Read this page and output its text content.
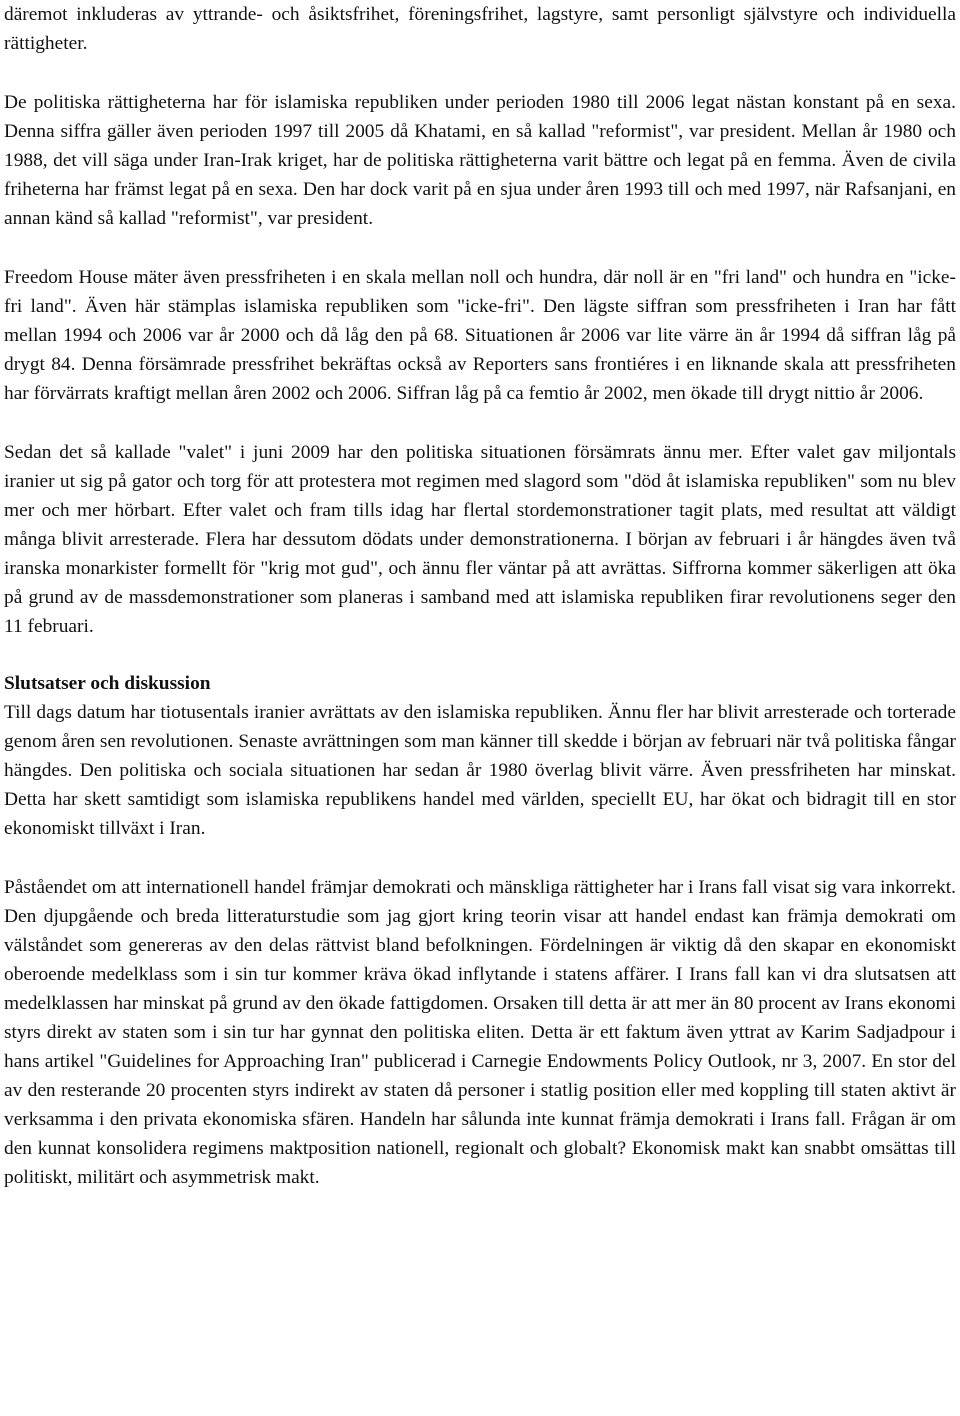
däremot inkluderas av yttrande- och åsiktsfrihet, föreningsfrihet, lagstyre, samt personligt självstyre och individuella rättigheter.

De politiska rättigheterna har för islamiska republiken under perioden 1980 till 2006 legat nästan konstant på en sexa. Denna siffra gäller även perioden 1997 till 2005 då Khatami, en så kallad "reformist", var president. Mellan år 1980 och 1988, det vill säga under Iran-Irak kriget, har de politiska rättigheterna varit bättre och legat på en femma. Även de civila friheterna har främst legat på en sexa. Den har dock varit på en sjua under åren 1993 till och med 1997, när Rafsanjani, en annan känd så kallad "reformist", var president.

Freedom House mäter även pressfriheten i en skala mellan noll och hundra, där noll är en "fri land" och hundra en "icke-fri land". Även här stämplas islamiska republiken som "icke-fri". Den lägste siffran som pressfriheten i Iran har fått mellan 1994 och 2006 var år 2000 och då låg den på 68. Situationen år 2006 var lite värre än år 1994 då siffran låg på drygt 84. Denna försämrade pressfrihet bekräftas också av Reporters sans frontiéres i en liknande skala att pressfriheten har förvärrats kraftigt mellan åren 2002 och 2006. Siffran låg på ca femtio år 2002, men ökade till drygt nittio år 2006.

Sedan det så kallade "valet" i juni 2009 har den politiska situationen försämrats ännu mer. Efter valet gav miljontals iranier ut sig på gator och torg för att protestera mot regimen med slagord som "död åt islamiska republiken" som nu blev mer och mer hörbart. Efter valet och fram tills idag har flertal stordemonstrationer tagit plats, med resultat att väldigt många blivit arresterade. Flera har dessutom dödats under demonstrationerna. I början av februari i år hängdes även två iranska monarkister formellt för "krig mot gud", och ännu fler väntar på att avrättas. Siffrorna kommer säkerligen att öka på grund av de massdemonstrationer som planeras i samband med att islamiska republiken firar revolutionens seger den 11 februari.

Slutsatser och diskussion

Till dags datum har tiotusentals iranier avrättats av den islamiska republiken. Ännu fler har blivit arresterade och torterade genom åren sen revolutionen. Senaste avrättningen som man känner till skedde i början av februari när två politiska fångar hängdes. Den politiska och sociala situationen har sedan år 1980 överlag blivit värre. Även pressfriheten har minskat. Detta har skett samtidigt som islamiska republikens handel med världen, speciellt EU, har ökat och bidragit till en stor ekonomiskt tillväxt i Iran.

Påståendet om att internationell handel främjar demokrati och mänskliga rättigheter har i Irans fall visat sig vara inkorrekt. Den djupgående och breda litteraturstudie som jag gjort kring teorin visar att handel endast kan främja demokrati om välståndet som genereras av den delas rättvist bland befolkningen. Fördelningen är viktig då den skapar en ekonomiskt oberoende medelklass som i sin tur kommer kräva ökad inflytande i statens affärer. I Irans fall kan vi dra slutsatsen att medelklassen har minskat på grund av den ökade fattigdomen. Orsaken till detta är att mer än 80 procent av Irans ekonomi styrs direkt av staten som i sin tur har gynnat den politiska eliten. Detta är ett faktum även yttrat av Karim Sadjadpour i hans artikel "Guidelines for Approaching Iran" publicerad i Carnegie Endowments Policy Outlook, nr 3, 2007. En stor del av den resterande 20 procenten styrs indirekt av staten då personer i statlig position eller med koppling till staten aktivt är verksamma i den privata ekonomiska sfären. Handeln har sålunda inte kunnat främja demokrati i Irans fall. Frågan är om den kunnat konsolidera regimens maktposition nationell, regionalt och globalt? Ekonomisk makt kan snabbt omsättas till politiskt, militärt och asymmetrisk makt.
